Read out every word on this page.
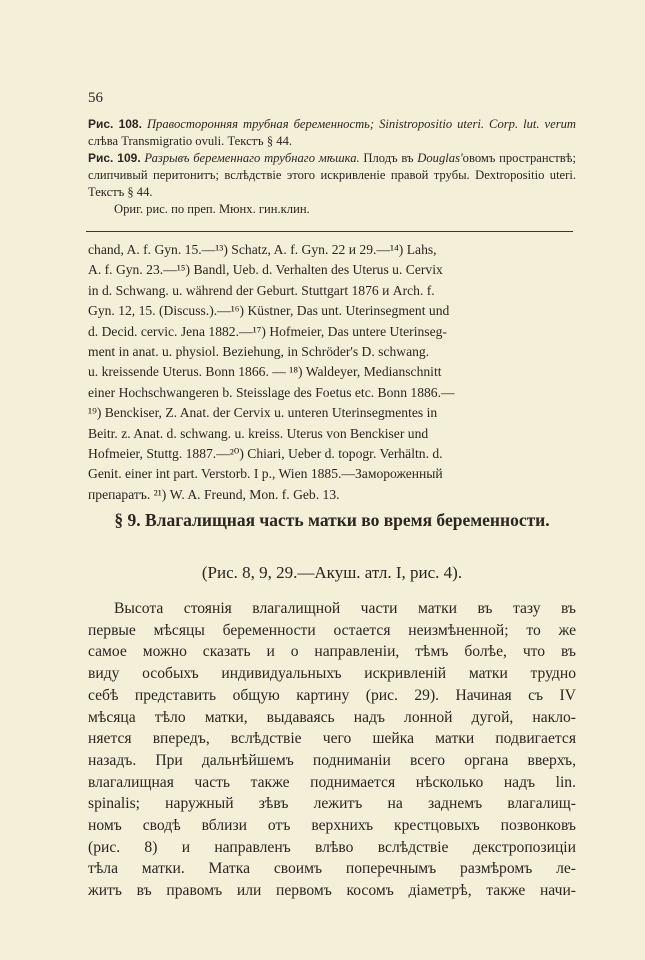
56
Рис. 108. Правосторонняя трубная беременность; Sinistropositio uteri. Corp. lut. verum слѣва Transmigratio ovuli. Текстъ § 44.
Рис. 109. Разрывъ беременнаго трубнаго мѣшка. Плодъ въ Douglas'овомъ пространствѣ; слипчивый перитонитъ; вслѣдствіе этого искривленіе правой трубы. Dextropositio uteri. Текстъ § 44.
Ориг. рис. по преп. Мюнх. гин.клин.
chand, A. f. Gyn. 15.—¹³) Schatz, A. f. Gyn. 22 и 29.—¹⁴) Lahs,
A. f. Gyn. 23.—¹⁵) Bandl, Ueb. d. Verhalten des Uterus u. Cervix
in d. Schwang. u. während der Geburt. Stuttgart 1876 и Arch. f.
Gyn. 12, 15. (Discuss.).—¹⁶) Küstner, Das unt. Uterinsegment und
d. Decid. cervic. Jena 1882.—¹⁷) Hofmeier, Das untere Uterinseg-
ment in anat. u. physiol. Beziehung, in Schröder's D. schwang.
u. kreissende Uterus. Bonn 1866. — ¹⁸) Waldeyer, Medianschnitt
einer Hochschwangeren b. Steisslage des Foetus etc. Bonn 1886.—
¹⁹) Benckiser, Z. Anat. der Cervix u. unteren Uterinsegmentes in
Beitr. z. Anat. d. schwang. u. kreiss. Uterus von Benckiser und
Hofmeier, Stuttg. 1887.—²⁰) Chiari, Ueber d. topogr. Verhältn. d.
Genit. einer int part. Verstorb. I p., Wien 1885.—Замороженный
препаратъ. ²¹) W. A. Freund, Mon. f. Geb. 13.
§ 9. Влагалищная часть матки во время беременности.
(Рис. 8, 9, 29.—Акуш. атл. I, рис. 4).
Высота стоянія влагалищной части матки въ тазу въ
первые мѣсяцы беременности остается неизмѣненной; то же
самое можно сказать и о направленіи, тѣмъ болѣе, что въ
виду особыхъ индивидуальныхъ искривленій матки трудно
себѣ представить общую картину (рис. 29). Начиная съ IV
мѣсяца тѣло матки, выдаваясь надъ лонной дугой, накло-
няется впередъ, вслѣдствіе чего шейка матки подвигается
назадъ. При дальнѣйшемъ подниманіи всего органа вверхъ,
влагалищная часть также поднимается нѣсколько надъ lin.
spinalis; наружный зѣвъ лежитъ на заднемъ влагалищ-
номъ сводѣ вблизи отъ верхнихъ крестцовыхъ позвонковъ
(рис. 8) и направленъ влѣво вслѣдствіе декстропозиціи
тѣла матки. Матка своимъ поперечнымъ размѣромъ ле-
житъ въ правомъ или первомъ косомъ діаметрѣ, также начи-
